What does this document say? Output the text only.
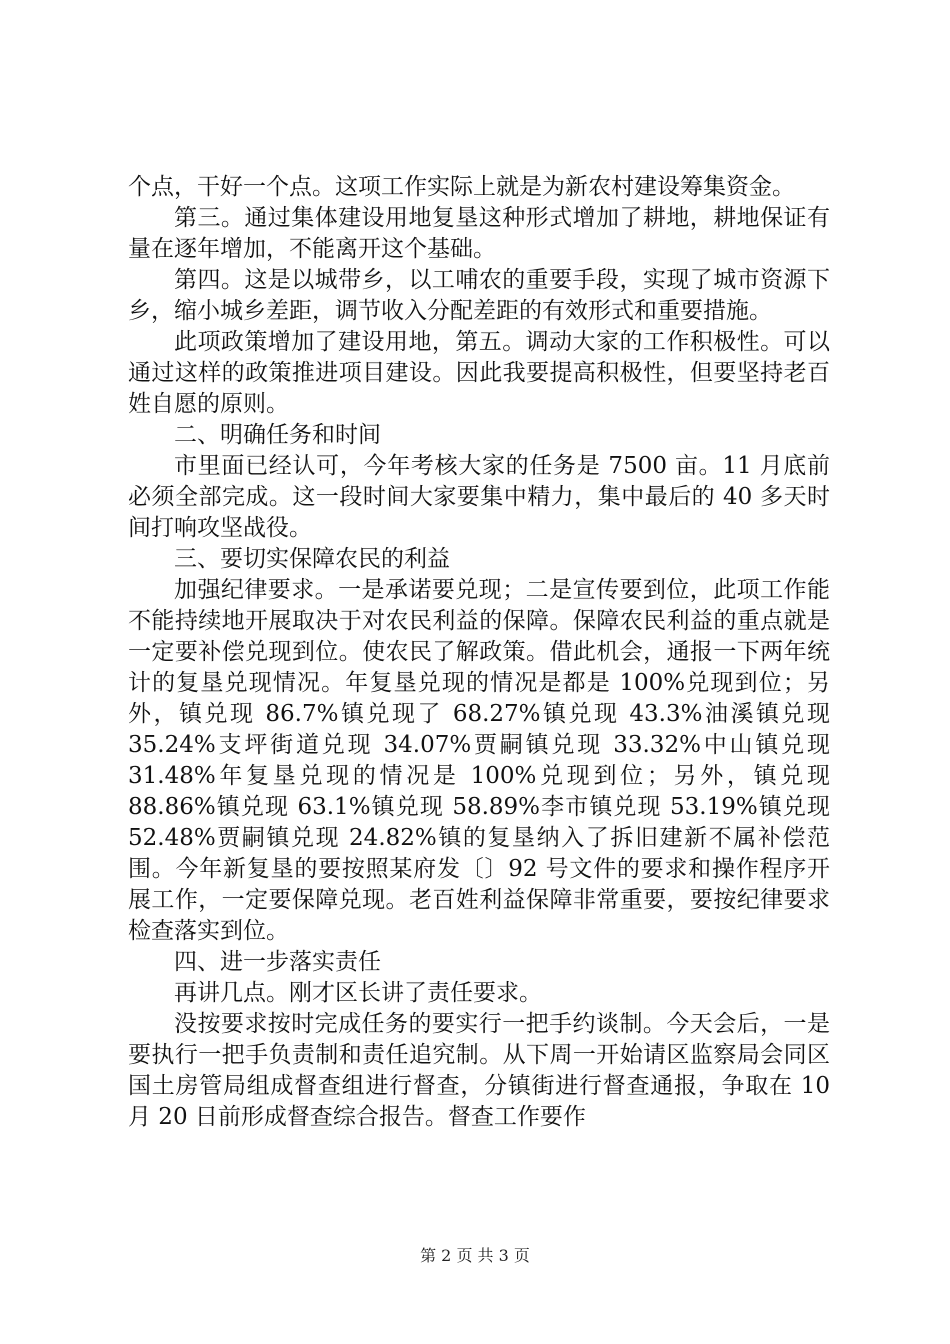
个点，干好一个点。这项工作实际上就是为新农村建设筹集资金。

第三。通过集体建设用地复垦这种形式增加了耕地，耕地保证有量在逐年增加，不能离开这个基础。

第四。这是以城带乡，以工哺农的重要手段，实现了城市资源下乡，缩小城乡差距，调节收入分配差距的有效形式和重要措施。

此项政策增加了建设用地，第五。调动大家的工作积极性。可以通过这样的政策推进项目建设。因此我要提高积极性，但要坚持老百姓自愿的原则。

二、明确任务和时间

市里面已经认可，今年考核大家的任务是 7500 亩。11 月底前必须全部完成。这一段时间大家要集中精力，集中最后的 40 多天时间打响攻坚战役。

三、要切实保障农民的利益

加强纪律要求。一是承诺要兑现；二是宣传要到位，此项工作能不能持续地开展取决于对农民利益的保障。保障农民利益的重点就是一定要补偿兑现到位。使农民了解政策。借此机会，通报一下两年统计的复垦兑现情况。年复垦兑现的情况是都是 100%兑现到位；另外，镇兑现 86.7%镇兑现了 68.27%镇兑现 43.3%油溪镇兑现 35.24%支坪街道兑现 34.07%贾嗣镇兑现 33.32%中山镇兑现 31.48%年复垦兑现的情况是 100%兑现到位；另外，镇兑现 88.86%镇兑现 63.1%镇兑现 58.89%李市镇兑现 53.19%镇兑现 52.48%贾嗣镇兑现 24.82%镇的复垦纳入了拆旧建新不属补偿范围。今年新复垦的要按照某府发〔〕92 号文件的要求和操作程序开展工作，一定要保障兑现。老百姓利益保障非常重要，要按纪律要求检查落实到位。

四、进一步落实责任

再讲几点。刚才区长讲了责任要求。

没按要求按时完成任务的要实行一把手约谈制。今天会后，一是要执行一把手负责制和责任追究制。从下周一开始请区监察局会同区国土房管局组成督查组进行督查，分镇街进行督查通报，争取在 10 月 20 日前形成督查综合报告。督查工作要作

第 2 页 共 3 页
